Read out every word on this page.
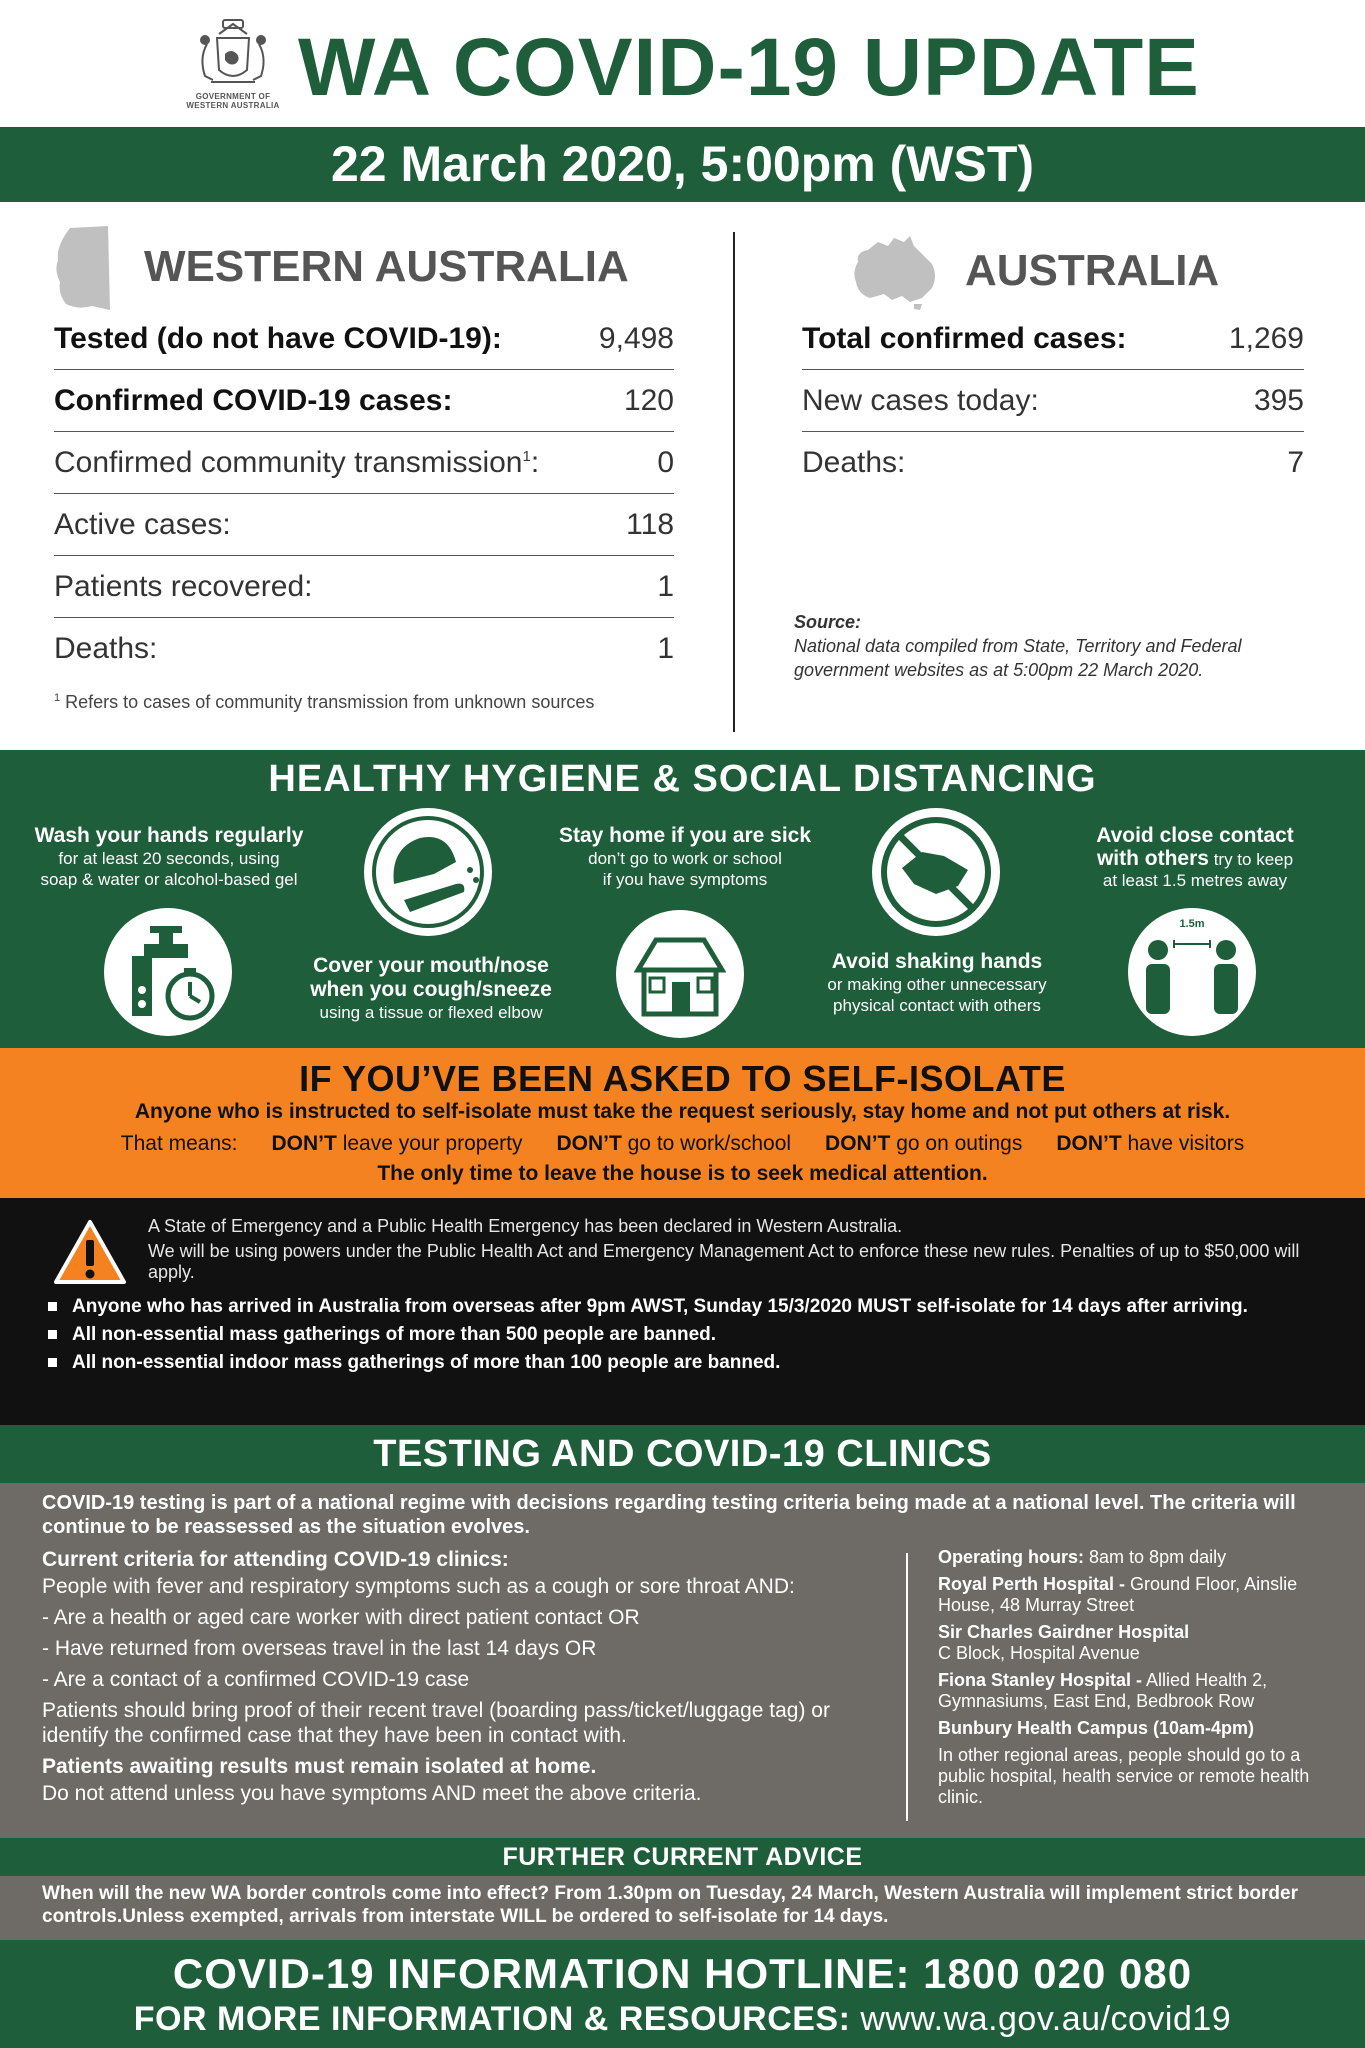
GOVERNMENT OF
WESTERN AUSTRALIA WA COVID-19 UPDATE
22 March 2020, 5:00pm (WST)
WESTERN AUSTRALIA
Tested (do not have COVID-19):	9,498
Confirmed COVID-19 cases:	120
Confirmed community transmission$^1$:	0
Active cases:	118
Patients recovered:	1
Deaths:	1
$^1$ Refers to cases of community transmission from unknown sources
AUSTRALIA
Total confirmed cases:	1,269
New cases today:	395
Deaths:	7
Source:
National data compiled from State, Territory and Federal government websites as at 5:00pm 22 March 2020.
HEALTHY HYGIENE & SOCIAL DISTANCING
Wash your hands regularly
for at least 20 seconds, using
soap & water or alcohol-based gel
Cover your mouth/nose
when you cough/sneeze
using a tissue or flexed elbow
Stay home if you are sick
don’t go to work or school
if you have symptoms
Avoid shaking hands
or making other unnecessary
physical contact with others
Avoid close contact
with others try to keep
at least 1.5 metres away
1.5m
IF YOU’VE BEEN ASKED TO SELF-ISOLATE
Anyone who is instructed to self-isolate must take the request seriously, stay home and not put others at risk.
That means: DON’T leave your property DON’T go to work/school DON’T go on outings DON’T have visitors
The only time to leave the house is to seek medical attention.

A State of Emergency and a Public Health Emergency has been declared in Western Australia.

We will be using powers under the Public Health Act and Emergency Management Act to enforce these new rules. Penalties of up to $50,000 will apply.

Anyone who has arrived in Australia from overseas after 9pm AWST, Sunday 15/3/2020 MUST self-isolate for 14 days after arriving.
All non-essential mass gatherings of more than 500 people are banned.
All non-essential indoor mass gatherings of more than 100 people are banned.
TESTING AND COVID-19 CLINICS
COVID-19 testing is part of a national regime with decisions regarding testing criteria being made at a national level. The criteria will continue to be reassessed as the situation evolves.

Current criteria for attending COVID-19 clinics:

People with fever and respiratory symptoms such as a cough or sore throat AND:

- Are a health or aged care worker with direct patient contact OR

- Have returned from overseas travel in the last 14 days OR

- Are a contact of a confirmed COVID-19 case

Patients should bring proof of their recent travel (boarding pass/ticket/luggage tag) or identify the confirmed case that they have been in contact with.

Patients awaiting results must remain isolated at home.

Do not attend unless you have symptoms AND meet the above criteria.

Operating hours: 8am to 8pm daily

Royal Perth Hospital - Ground Floor, Ainslie House, 48 Murray Street

Sir Charles Gairdner Hospital
C Block, Hospital Avenue

Fiona Stanley Hospital - Allied Health 2, Gymnasiums, East End, Bedbrook Row

Bunbury Health Campus (10am-4pm)

In other regional areas, people should go to a public hospital, health service or remote health clinic.

FURTHER CURRENT ADVICE
When will the new WA border controls come into effect? From 1.30pm on Tuesday, 24 March, Western Australia will implement strict border controls.Unless exempted, arrivals from interstate WILL be ordered to self-isolate for 14 days.
COVID-19 INFORMATION HOTLINE: 1800 020 080
FOR MORE INFORMATION & RESOURCES: www.wa.gov.au/covid19
